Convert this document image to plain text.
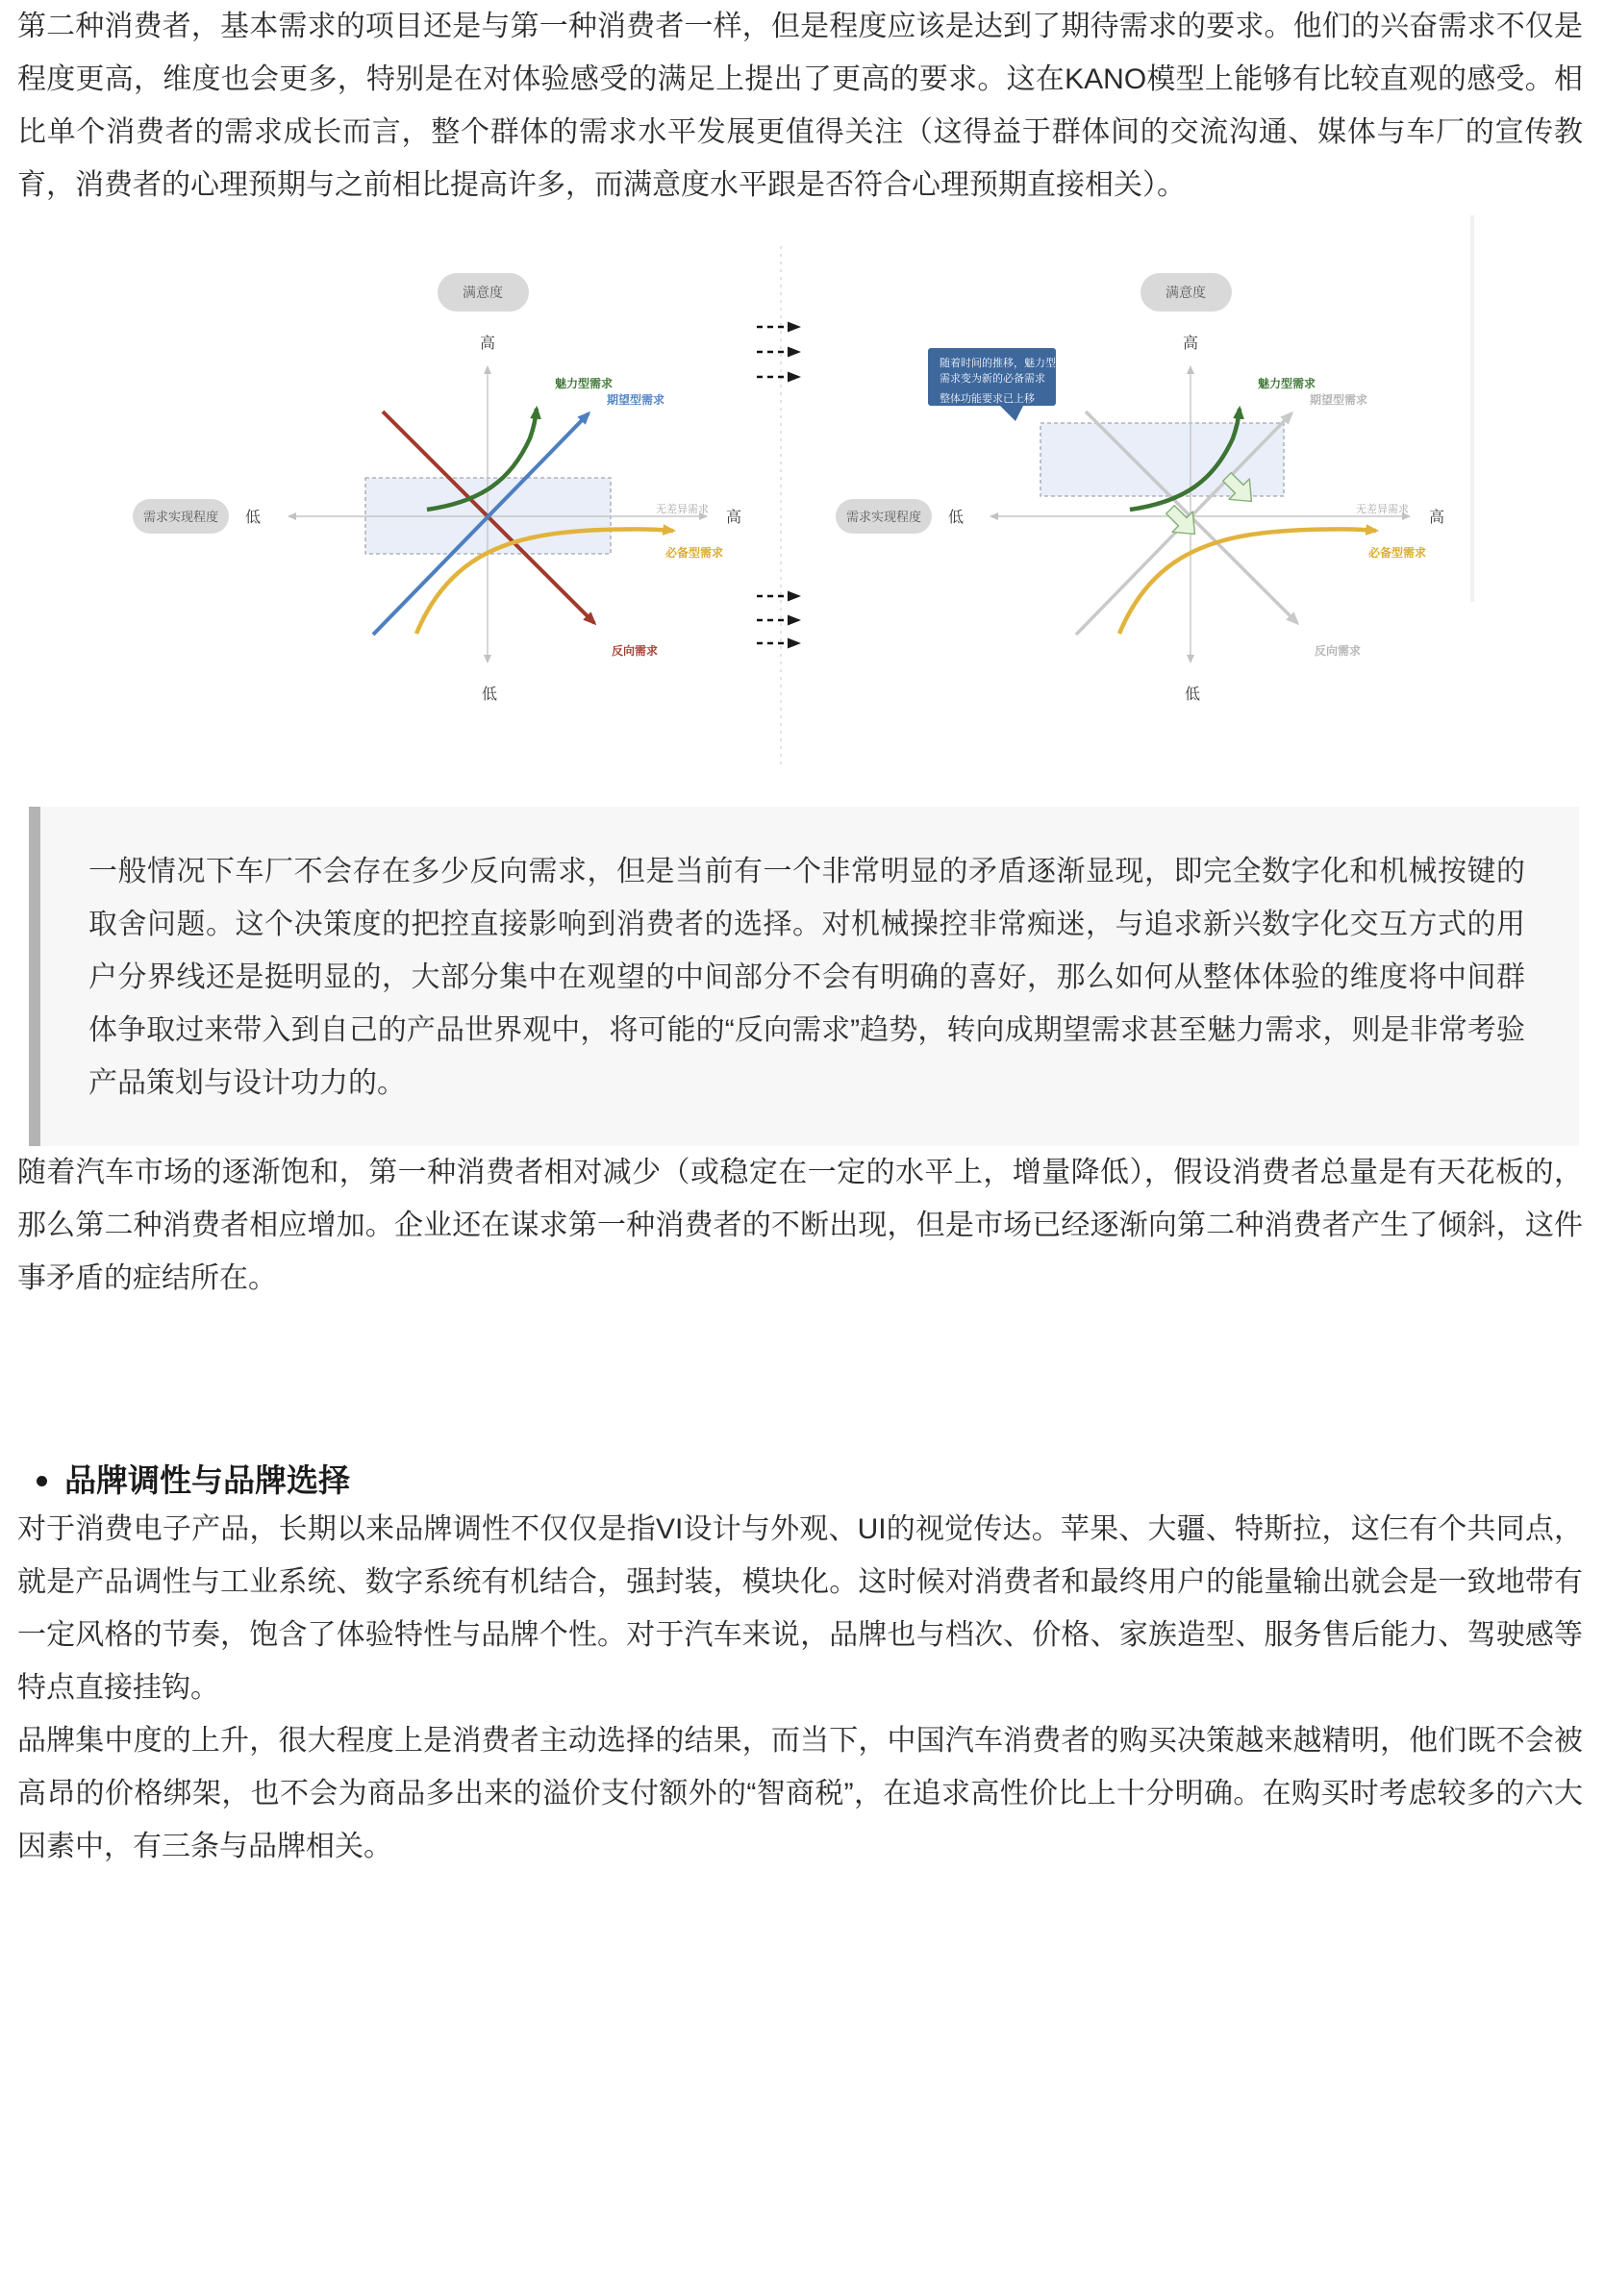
第二种消费者，基本需求的项目还是与第一种消费者一样，但是程度应该是达到了期待需求的要求。他们的兴奋需求不仅是程度更高，维度也会更多，特别是在对体验感受的满足上提出了更高的要求。这在KANO模型上能够有比较直观的感受。相比单个消费者的需求成长而言，整个群体的需求水平发展更值得关注（这得益于群体间的交流沟通、媒体与车厂的宣传教育，消费者的心理预期与之前相比提高许多，而满意度水平跟是否符合心理预期直接相关）。

满意度
需求实现程度
高
低
低	高
魅力型需求
期望型需求
必备型需求
反向需求
无差异需求
满意度
需求实现程度
高
低
低	高
魅力型需求
期望型需求
必备型需求
反向需求
无差异需求
随着时间的推移，魅力型
需求变为新的必备需求
整体功能要求已上移

一般情况下车厂不会存在多少反向需求，但是当前有一个非常明显的矛盾逐渐显现，即完全数字化和机械按键的取舍问题。这个决策度的把控直接影响到消费者的选择。对机械操控非常痴迷，与追求新兴数字化交互方式的用户分界线还是挺明显的，大部分集中在观望的中间部分不会有明确的喜好，那么如何从整体体验的维度将中间群体争取过来带入到自己的产品世界观中，将可能的“反向需求”趋势，转向成期望需求甚至魅力需求，则是非常考验产品策划与设计功力的。

随着汽车市场的逐渐饱和，第一种消费者相对减少（或稳定在一定的水平上，增量降低），假设消费者总量是有天花板的，那么第二种消费者相应增加。企业还在谋求第一种消费者的不断出现，但是市场已经逐渐向第二种消费者产生了倾斜，这件事矛盾的症结所在。

品牌调性与品牌选择

对于消费电子产品，长期以来品牌调性不仅仅是指VI设计与外观、UI的视觉传达。苹果、大疆、特斯拉，这仨有个共同点，就是产品调性与工业系统、数字系统有机结合，强封装，模块化。这时候对消费者和最终用户的能量输出就会是一致地带有一定风格的节奏，饱含了体验特性与品牌个性。对于汽车来说，品牌也与档次、价格、家族造型、服务售后能力、驾驶感等特点直接挂钩。

品牌集中度的上升，很大程度上是消费者主动选择的结果，而当下，中国汽车消费者的购买决策越来越精明，他们既不会被高昂的价格绑架，也不会为商品多出来的溢价支付额外的“智商税”，在追求高性价比上十分明确。在购买时考虑较多的六大因素中，有三条与品牌相关。
